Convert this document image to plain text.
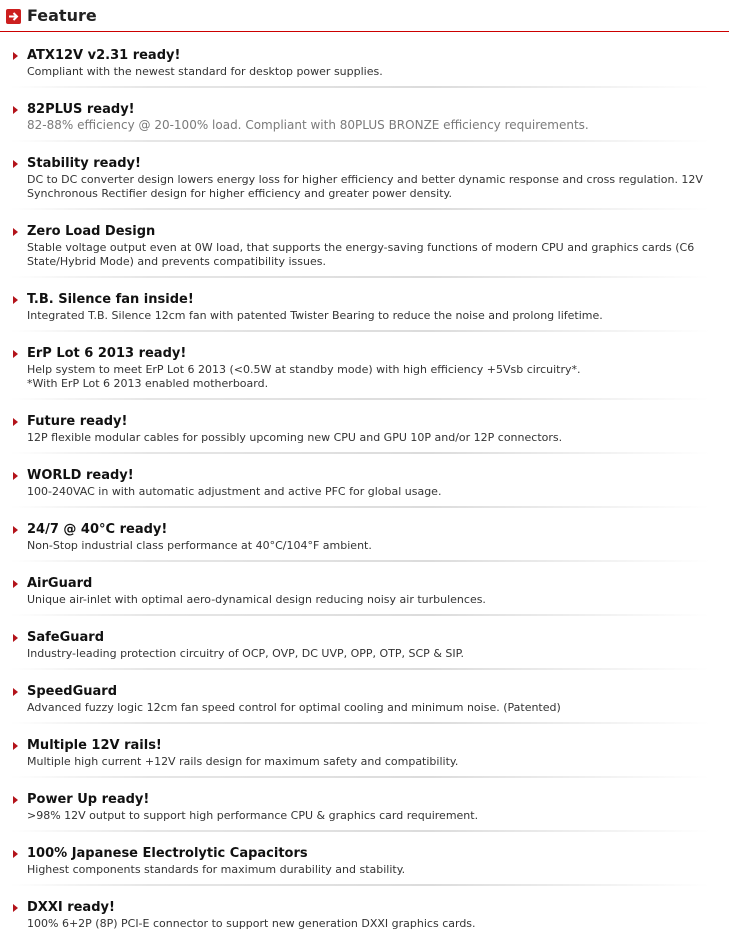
Feature
ATX12V v2.31 ready!
Compliant with the newest standard for desktop power supplies.
82PLUS ready!
82-88% efficiency @ 20-100% load. Compliant with 80PLUS BRONZE efficiency requirements.
Stability ready!
DC to DC converter design lowers energy loss for higher efficiency and better dynamic response and cross regulation. 12V Synchronous Rectifier design for higher efficiency and greater power density.
Zero Load Design
Stable voltage output even at 0W load, that supports the energy-saving functions of modern CPU and graphics cards (C6 State/Hybrid Mode) and prevents compatibility issues.
T.B. Silence fan inside!
Integrated T.B. Silence 12cm fan with patented Twister Bearing to reduce the noise and prolong lifetime.
ErP Lot 6 2013 ready!
Help system to meet ErP Lot 6 2013 (<0.5W at standby mode) with high efficiency +5Vsb circuitry*.
*With ErP Lot 6 2013 enabled motherboard.
Future ready!
12P flexible modular cables for possibly upcoming new CPU and GPU 10P and/or 12P connectors.
WORLD ready!
100-240VAC in with automatic adjustment and active PFC for global usage.
24/7 @ 40°C ready!
Non-Stop industrial class performance at 40°C/104°F ambient.
AirGuard
Unique air-inlet with optimal aero-dynamical design reducing noisy air turbulences.
SafeGuard
Industry-leading protection circuitry of OCP, OVP, DC UVP, OPP, OTP, SCP & SIP.
SpeedGuard
Advanced fuzzy logic 12cm fan speed control for optimal cooling and minimum noise. (Patented)
Multiple 12V rails!
Multiple high current +12V rails design for maximum safety and compatibility.
Power Up ready!
>98% 12V output to support high performance CPU & graphics card requirement.
100% Japanese Electrolytic Capacitors
Highest components standards for maximum durability and stability.
DXXI ready!
100% 6+2P (8P) PCI-E connector to support new generation DXXI graphics cards.
